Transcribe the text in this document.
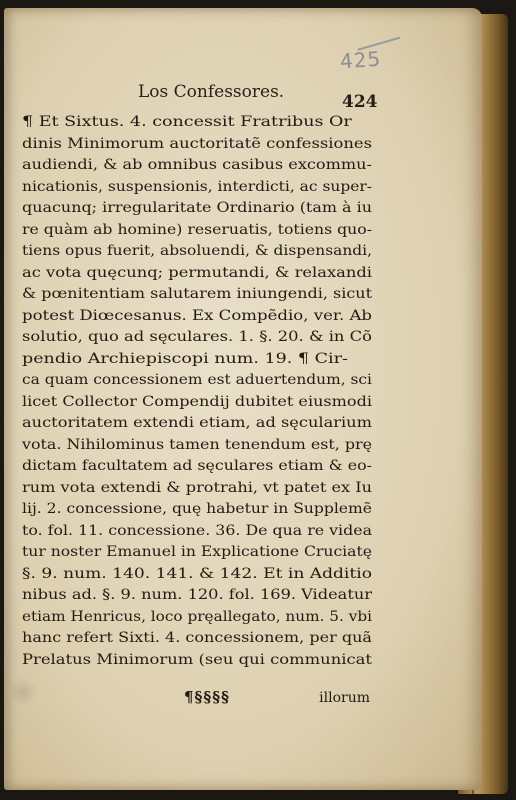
425
Los Confessores.	424
¶ Et Sixtus. 4. concessit Fratribus Or
dinis Minimorum auctoritatẽ confessiones
audiendi, & ab omnibus casibus excommu-
nicationis, suspensionis, interdicti, ac super-
quacunq; irregularitate Ordinario (tam à iu
re quàm ab homine) reseruatis, totiens quo-
tiens opus fuerit, absoluendi, & dispensandi,
ac vota quęcunq; permutandi, & relaxandi
& pœnitentiam salutarem iniungendi, sicut
potest Diœcesanus. Ex Compẽdio, ver. Ab
solutio, quo ad sęculares. 1. §. 20. & in Cõ
pendio Archiepiscopi num. 19. ¶ Cir-
ca quam concessionem est aduertendum, sci
licet Collector Compendij dubitet eiusmodi
auctoritatem extendi etiam, ad sęcularium
vota. Nihilominus tamen tenendum est, prę
dictam facultatem ad sęculares etiam & eo-
rum vota extendi & protrahi, vt patet ex Iu
lij. 2. concessione, quę habetur in Supplemẽ
to. fol. 11. concessione. 36. De qua re videa
tur noster Emanuel in Explicatione Cruciatę
§. 9. num. 140. 141. & 142. Et in Additio
nibus ad. §. 9. num. 120. fol. 169. Videatur
etiam Henricus, loco pręallegato, num. 5. vbi
hanc refert Sixti. 4. concessionem, per quã
Prelatus Minimorum (seu qui communicat
¶§§§§	illorum
